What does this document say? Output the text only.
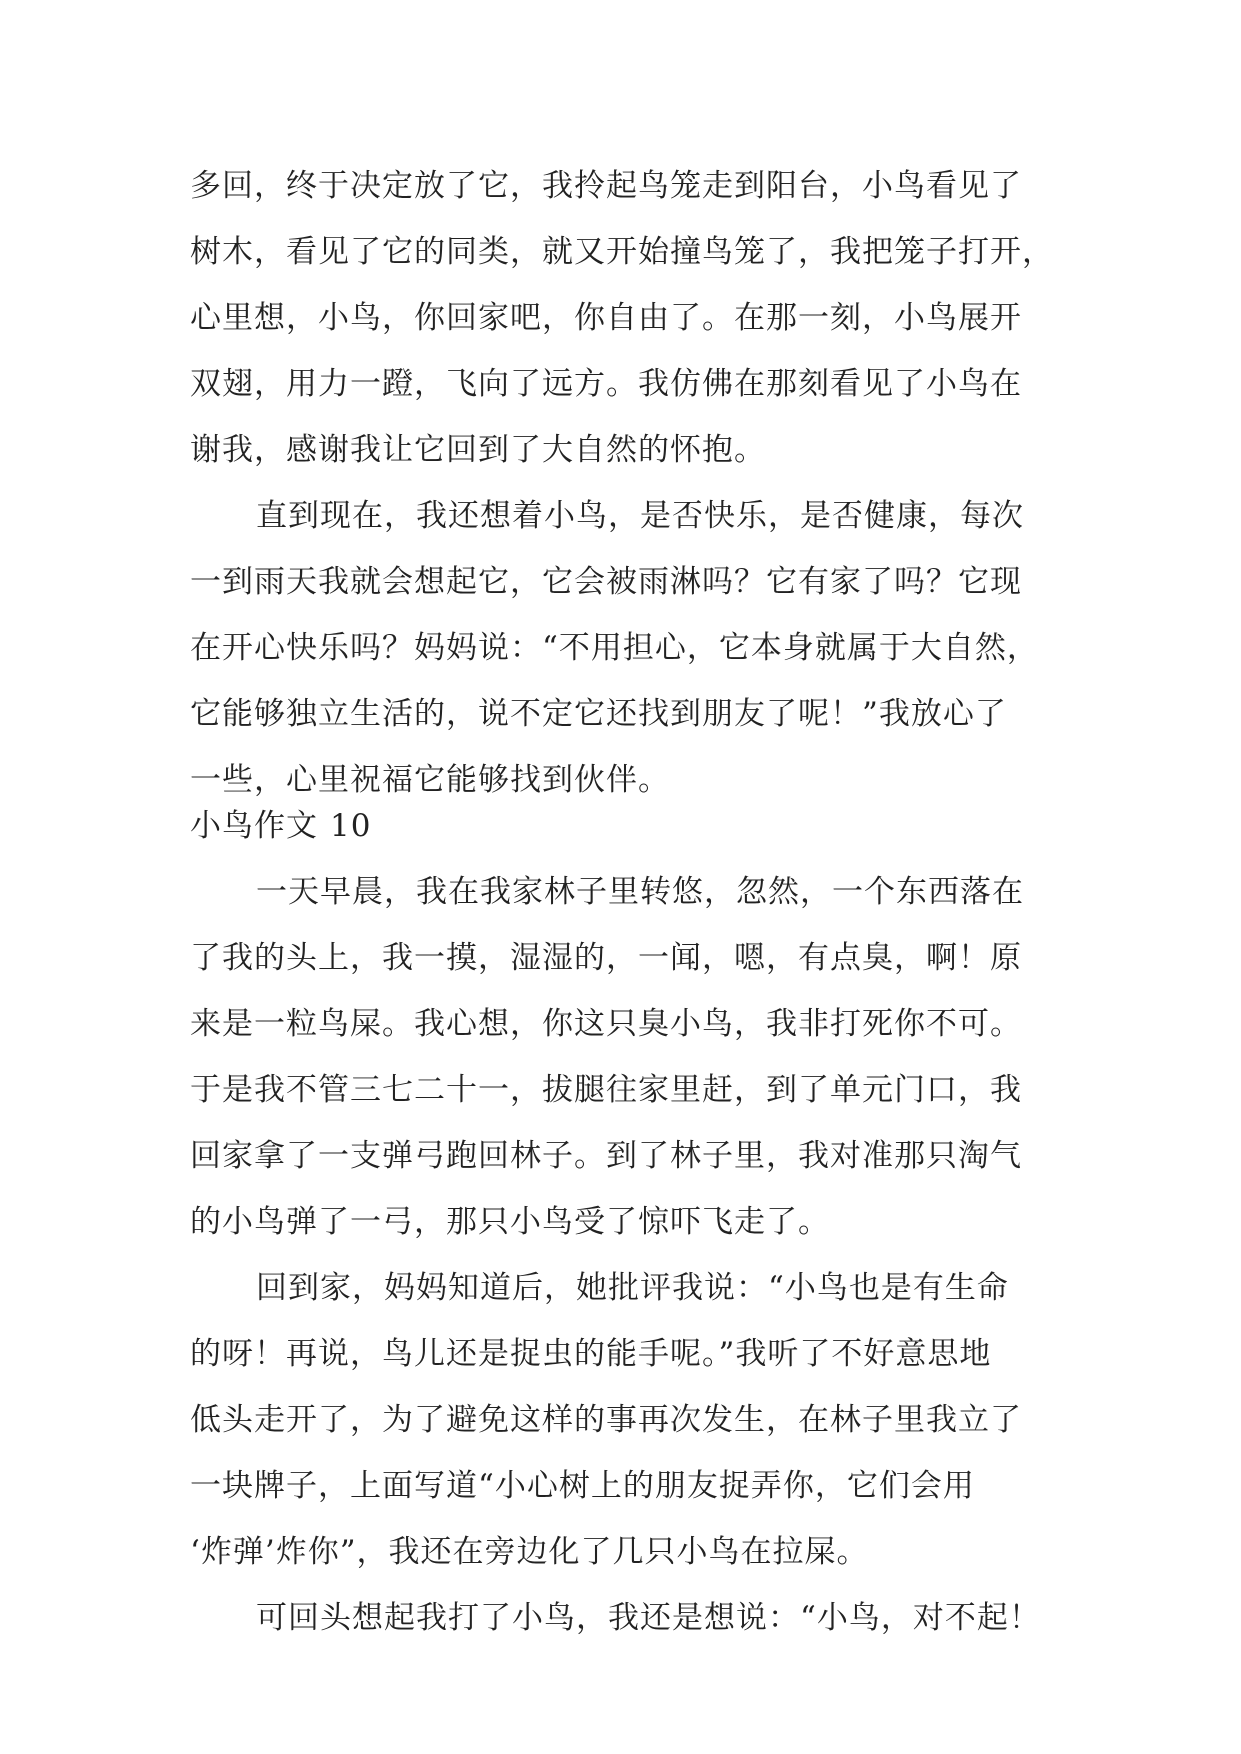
多回，终于决定放了它，我拎起鸟笼走到阳台，小鸟看见了
树木，看见了它的同类，就又开始撞鸟笼了，我把笼子打开，
心里想，小鸟，你回家吧，你自由了。在那一刻，小鸟展开
双翅，用力一蹬，飞向了远方。我仿佛在那刻看见了小鸟在
谢我，感谢我让它回到了大自然的怀抱。
直到现在，我还想着小鸟，是否快乐，是否健康，每次
一到雨天我就会想起它，它会被雨淋吗？它有家了吗？它现
在开心快乐吗？妈妈说：“不用担心，它本身就属于大自然，
它能够独立生活的，说不定它还找到朋友了呢！”我放心了
一些，心里祝福它能够找到伙伴。
小鸟作文 10
一天早晨，我在我家林子里转悠，忽然，一个东西落在
了我的头上，我一摸，湿湿的，一闻，嗯，有点臭，啊！原
来是一粒鸟屎。我心想，你这只臭小鸟，我非打死你不可。
于是我不管三七二十一，拔腿往家里赶，到了单元门口，我
回家拿了一支弹弓跑回林子。到了林子里，我对准那只淘气
的小鸟弹了一弓，那只小鸟受了惊吓飞走了。
回到家，妈妈知道后，她批评我说：“小鸟也是有生命
的呀！再说，鸟儿还是捉虫的能手呢。”我听了不好意思地
低头走开了，为了避免这样的事再次发生，在林子里我立了
一块牌子，上面写道“小心树上的朋友捉弄你，它们会用
‘炸弹’炸你”，我还在旁边化了几只小鸟在拉屎。
可回头想起我打了小鸟，我还是想说：“小鸟，对不起！
